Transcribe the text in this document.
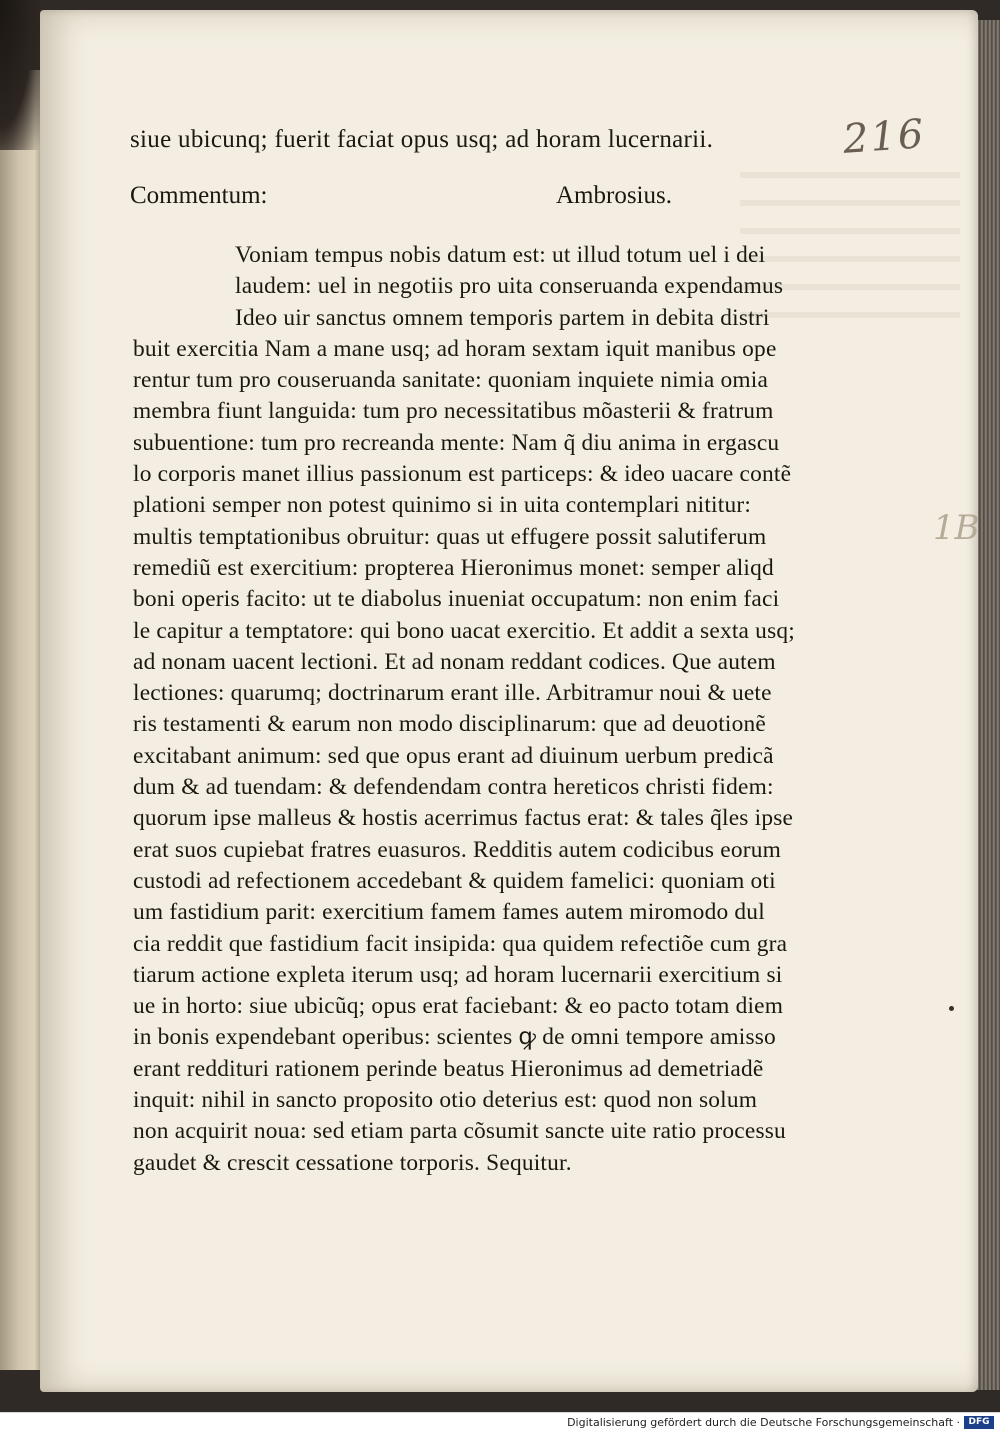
216
1B
siue ubicunq; fuerit faciat opus usq; ad horam lucernarii.
Commentum:	Ambrosius.
Voniam tempus nobis datum est: ut illud totum uel i dei
laudem: uel in negotiis pro uita conseruanda expendamus
Ideo uir sanctus omnem temporis partem in debita distri
buit exercitia Nam a mane usq; ad horam sextam iquit manibus ope
rentur tum pro couseruanda sanitate: quoniam inquiete nimia omia
membra fiunt languida: tum pro necessitatibus mõasterii & fratrum
subuentione: tum pro recreanda mente: Nam q̃ diu anima in ergascu
lo corporis manet illius passionum est particeps: & ideo uacare contẽ
plationi semper non potest quinimo si in uita contemplari nititur:
multis temptationibus obruitur: quas ut effugere possit salutiferum
remediũ est exercitium: propterea Hieronimus monet: semper aliqd
boni operis facito: ut te diabolus inueniat occupatum: non enim faci
le capitur a temptatore: qui bono uacat exercitio. Et addit a sexta usq;
ad nonam uacent lectioni. Et ad nonam reddant codices. Que autem
lectiones: quarumq; doctrinarum erant ille. Arbitramur noui & uete
ris testamenti & earum non modo disciplinarum: que ad deuotionẽ
excitabant animum: sed que opus erant ad diuinum uerbum predicã
dum & ad tuendam: & defendendam contra hereticos christi fidem:
quorum ipse malleus & hostis acerrimus factus erat: & tales q̃les ipse
erat suos cupiebat fratres euasuros. Redditis autem codicibus eorum
custodi ad refectionem accedebant & quidem famelici: quoniam oti
um fastidium parit: exercitium famem fames autem miromodo dul
cia reddit que fastidium facit insipida: qua quidem refectiõe cum gra
tiarum actione expleta iterum usq; ad horam lucernarii exercitium si
ue in horto: siue ubicũq; opus erat faciebant: & eo pacto totam diem
in bonis expendebant operibus: scientes ꝙ de omni tempore amisso
erant reddituri rationem perinde beatus Hieronimus ad demetriadẽ
inquit: nihil in sancto proposito otio deterius est: quod non solum
non acquirit noua: sed etiam parta cõsumit sancte uite ratio processu
gaudet & crescit cessatione torporis. Sequitur.
Digitalisierung gefördert durch die Deutsche Forschungsgemeinschaft · DFG
